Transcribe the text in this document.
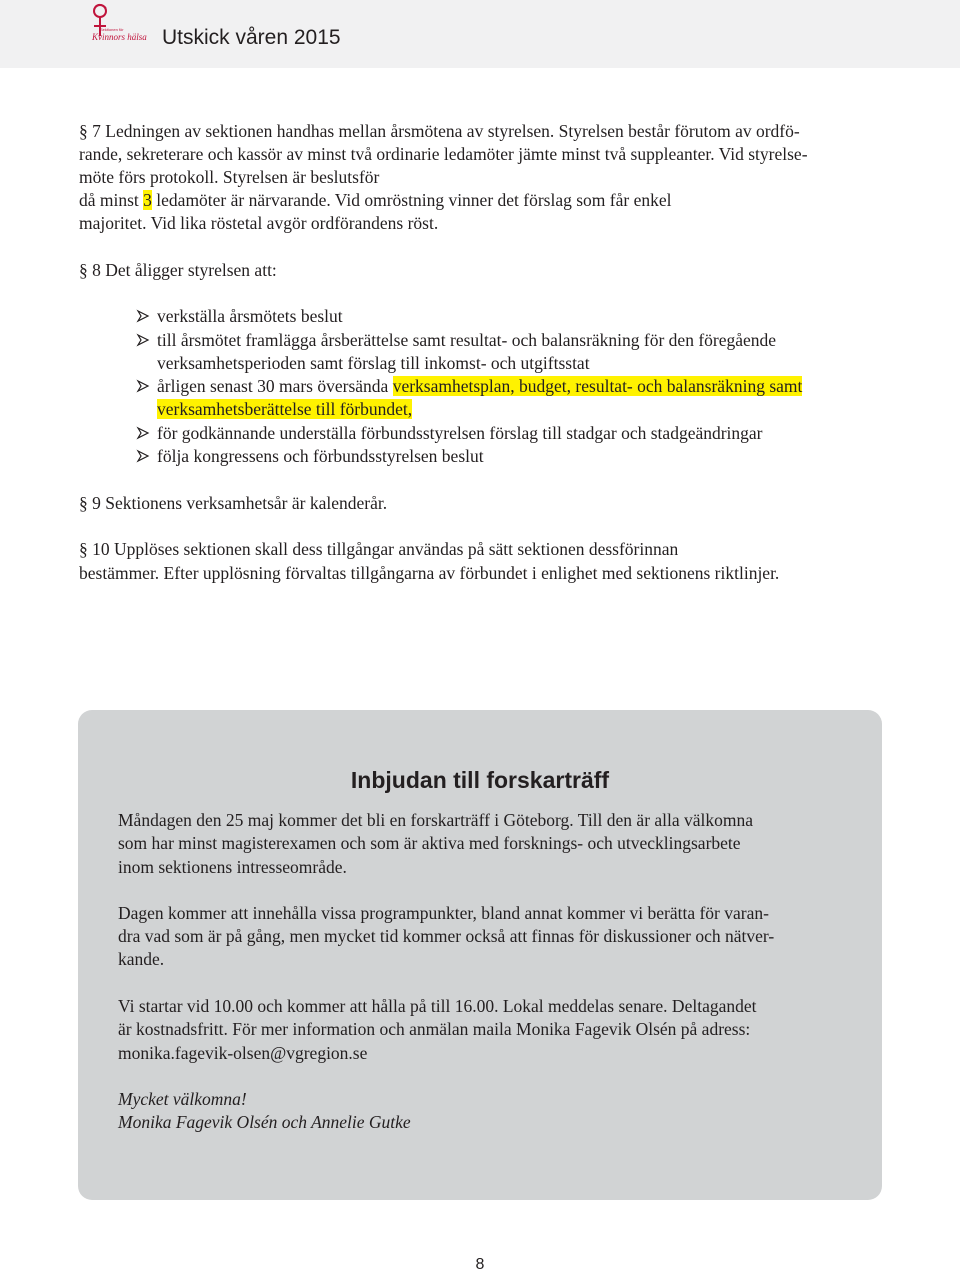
Sektionen för
Kvinnors hälsa Utskick våren 2015
§ 7 Ledningen av sektionen handhas mellan årsmötena av styrelsen. Styrelsen består förutom av ordfö-
rande, sekreterare och kassör av minst två ordinarie ledamöter jämte minst två suppleanter. Vid styrelse-
möte förs protokoll. Styrelsen är beslutsför
då minst 3 ledamöter är närvarande. Vid omröstning vinner det förslag som får enkel
majoritet. Vid lika röstetal avgör ordförandens röst.
§ 8 Det åligger styrelsen att:
verkställa årsmötets beslut
till årsmötet framlägga årsberättelse samt resultat- och balansräkning för den föregående
verksamhetsperioden samt förslag till inkomst- och utgiftsstat
årligen senast 30 mars översända verksamhetsplan, budget, resultat- och balansräkning samt
verksamhetsberättelse till förbundet,
för godkännande underställa förbundsstyrelsen förslag till stadgar och stadgeändringar
följa kongressens och förbundsstyrelsen beslut
§ 9 Sektionens verksamhetsår är kalenderår.
§ 10 Upplöses sektionen skall dess tillgångar användas på sätt sektionen dessförinnan
bestämmer. Efter upplösning förvaltas tillgångarna av förbundet i enlighet med sektionens riktlinjer.
Inbjudan till forskarträff
Måndagen den 25 maj kommer det bli en forskarträff i Göteborg. Till den är alla välkomna
som har minst magisterexamen och som är aktiva med forsknings- och utvecklingsarbete
inom sektionens intresseområde.
Dagen kommer att innehålla vissa programpunkter, bland annat kommer vi berätta för varan-
dra vad som är på gång, men mycket tid kommer också att finnas för diskussioner och nätver-
kande.
Vi startar vid 10.00 och kommer att hålla på till 16.00. Lokal meddelas senare. Deltagandet
är kostnadsfritt. För mer information och anmälan maila Monika Fagevik Olsén på adress:
monika.fagevik-olsen@vgregion.se
Mycket välkomna!
Monika Fagevik Olsén och Annelie Gutke
8
